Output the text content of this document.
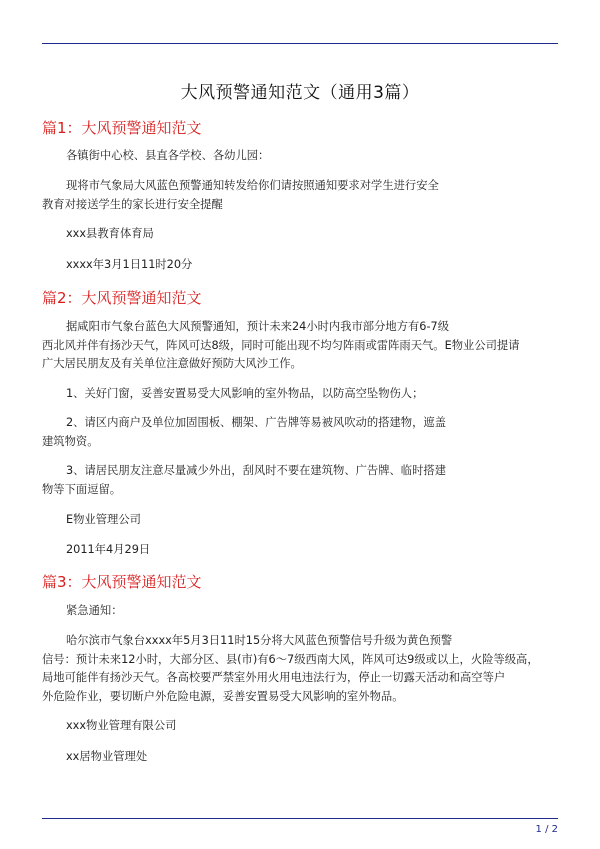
大风预警通知范文（通用3篇）
篇1：大风预警通知范文
各镇街中心校、县直各学校、各幼儿园：
现将市气象局大风蓝色预警通知转发给你们请按照通知要求对学生进行安全
教育对接送学生的家长进行安全提醒
xxx县教育体育局
xxxx年3月1日11时20分
篇2：大风预警通知范文
据咸阳市气象台蓝色大风预警通知，预计未来24小时内我市部分地方有6-7级
西北风并伴有扬沙天气，阵风可达8级，同时可能出现不均匀阵雨或雷阵雨天气。E物业公司提请
广大居民朋友及有关单位注意做好预防大风沙工作。
1、关好门窗，妥善安置易受大风影响的室外物品，以防高空坠物伤人；
2、请区内商户及单位加固围板、棚架、广告牌等易被风吹动的搭建物，遮盖
建筑物资。
3、请居民朋友注意尽量减少外出，刮风时不要在建筑物、广告牌、临时搭建
物等下面逗留。
E物业管理公司
2011年4月29日
篇3：大风预警通知范文
紧急通知：
哈尔滨市气象台xxxx年5月3日11时15分将大风蓝色预警信号升级为黄色预警
信号：预计未来12小时，大部分区、县(市)有6～7级西南大风，阵风可达9级或以上，火险等级高，
局地可能伴有扬沙天气。各高校要严禁室外用火用电违法行为，停止一切露天活动和高空等户
外危险作业，要切断户外危险电源，妥善安置易受大风影响的室外物品。
xxx物业管理有限公司
xx居物业管理处
1 / 2
